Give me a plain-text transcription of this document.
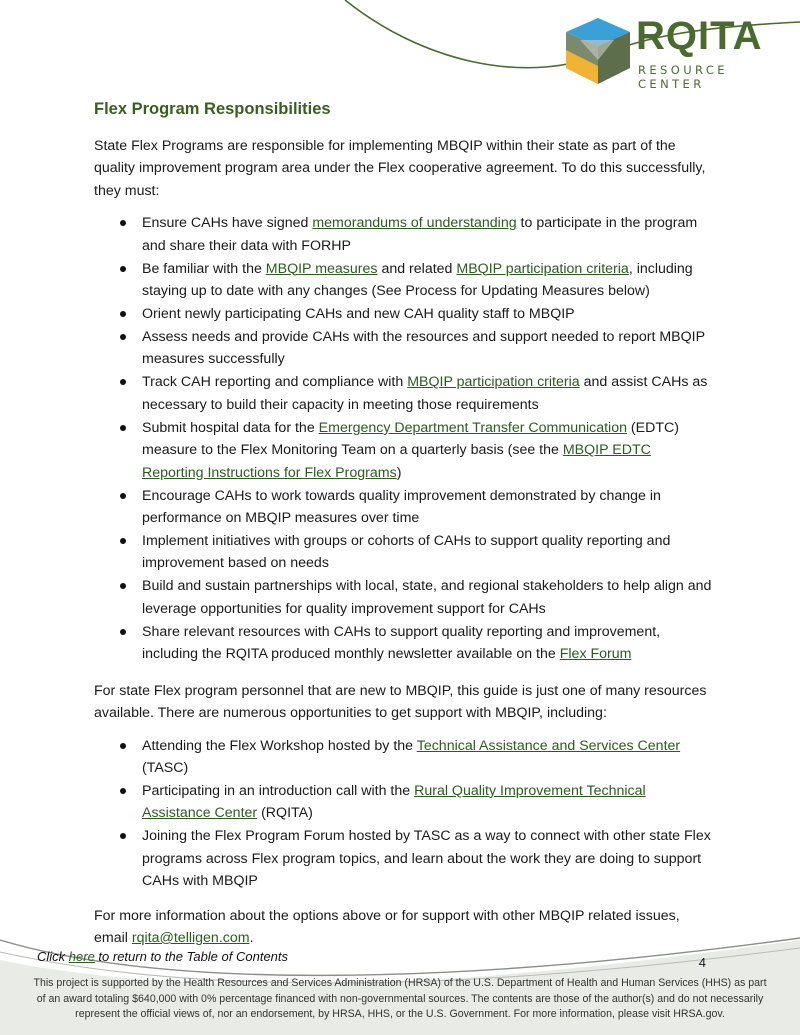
RQITA
RESOURCE CENTER
Flex Program Responsibilities

State Flex Programs are responsible for implementing MBQIP within their state as part of the quality improvement program area under the Flex cooperative agreement. To do this successfully, they must:

Ensure CAHs have signed memorandums of understanding to participate in the program and share their data with FORHP
Be familiar with the MBQIP measures and related MBQIP participation criteria, including staying up to date with any changes (See Process for Updating Measures below)
Orient newly participating CAHs and new CAH quality staff to MBQIP
Assess needs and provide CAHs with the resources and support needed to report MBQIP measures successfully
Track CAH reporting and compliance with MBQIP participation criteria and assist CAHs as necessary to build their capacity in meeting those requirements
Submit hospital data for the Emergency Department Transfer Communication (EDTC) measure to the Flex Monitoring Team on a quarterly basis (see the MBQIP EDTC Reporting Instructions for Flex Programs)
Encourage CAHs to work towards quality improvement demonstrated by change in performance on MBQIP measures over time
Implement initiatives with groups or cohorts of CAHs to support quality reporting and improvement based on needs
Build and sustain partnerships with local, state, and regional stakeholders to help align and leverage opportunities for quality improvement support for CAHs
Share relevant resources with CAHs to support quality reporting and improvement, including the RQITA produced monthly newsletter available on the Flex Forum

For state Flex program personnel that are new to MBQIP, this guide is just one of many resources available. There are numerous opportunities to get support with MBQIP, including:

Attending the Flex Workshop hosted by the Technical Assistance and Services Center (TASC)
Participating in an introduction call with the Rural Quality Improvement Technical Assistance Center (RQITA)
Joining the Flex Program Forum hosted by TASC as a way to connect with other state Flex programs across Flex program topics, and learn about the work they are doing to support CAHs with MBQIP

For more information about the options above or for support with other MBQIP related issues, email rqita@telligen.com.

Click here to return to the Table of Contents	4
This project is supported by the Health Resources and Services Administration (HRSA) of the U.S. Department of Health and Human Services (HHS) as part of an award totaling $640,000 with 0% percentage financed with non-governmental sources. The contents are those of the author(s) and do not necessarily represent the official views of, nor an endorsement, by HRSA, HHS, or the U.S. Government. For more information, please visit HRSA.gov.
